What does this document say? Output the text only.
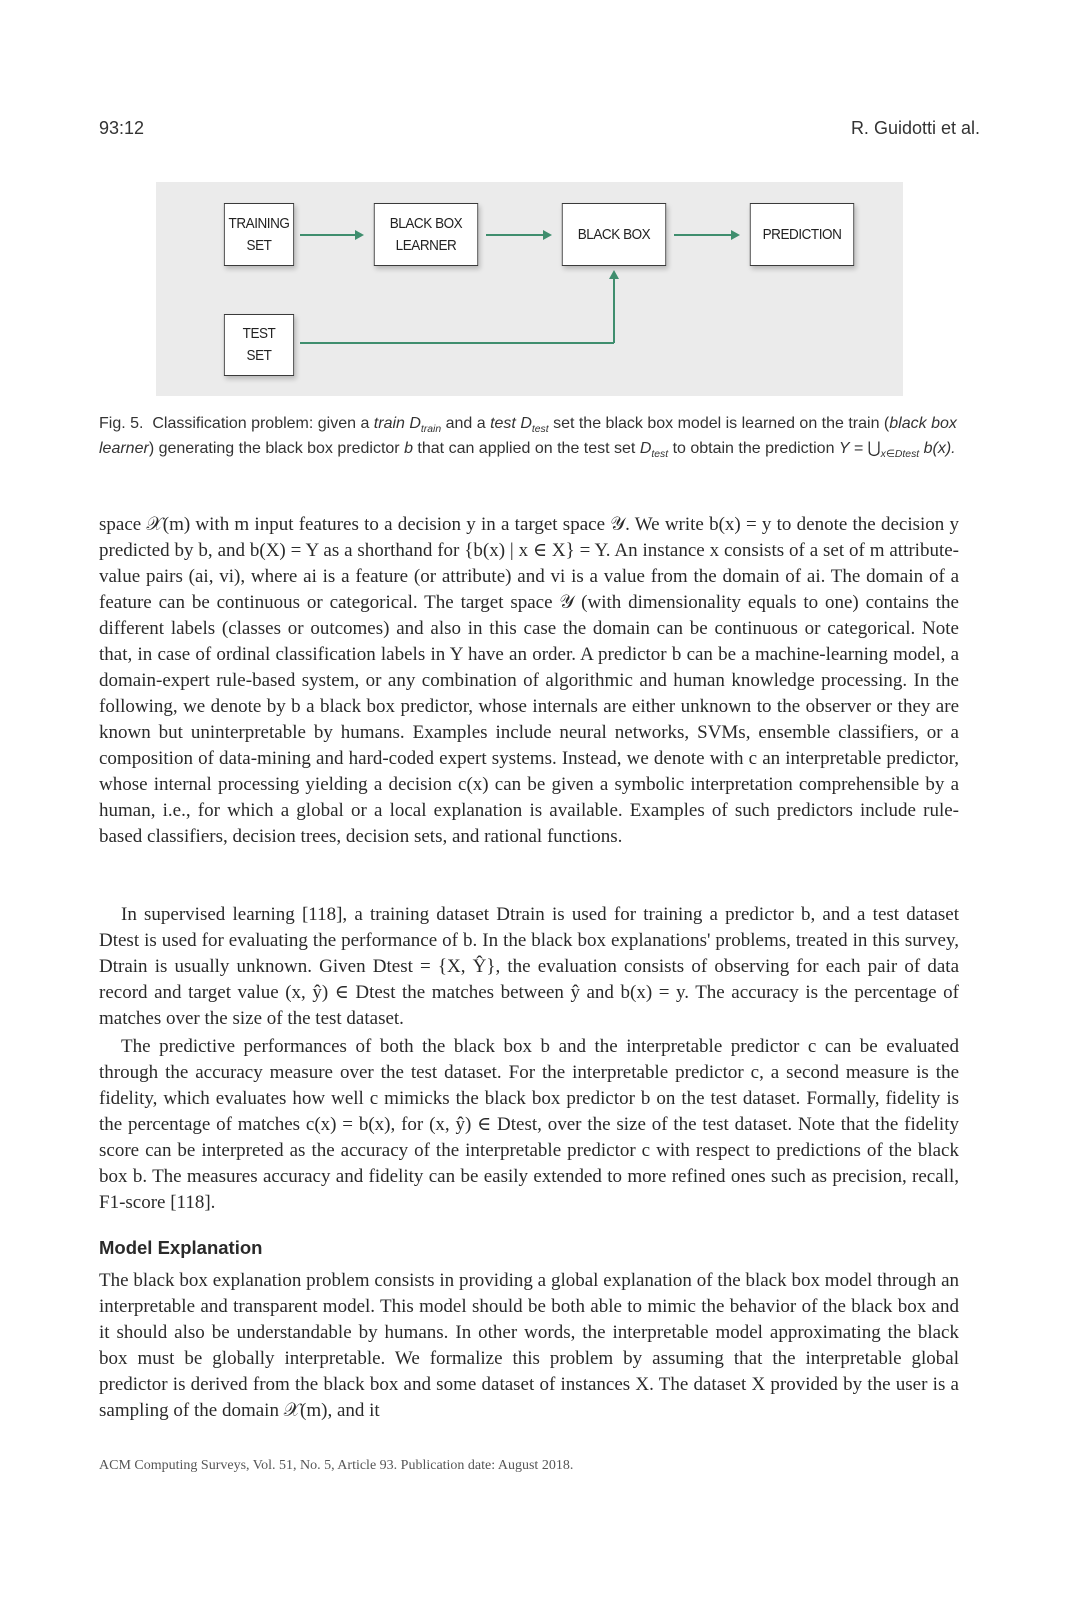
93:12	R. Guidotti et al.
TRAINING
SET
BLACK BOX
LEARNER
BLACK BOX	PREDICTION
TEST
SET
Fig. 5. Classification problem: given a train $D_{train}$ and a test $D_{test}$ set the black box model is learned on the train (black box learner) generating the black box predictor b that can applied on the test set $D_{test}$ to obtain the prediction $Y = ⋃_{x\in Dtest}$ b(x).

space 𝒳(m) with m input features to a decision y in a target space 𝒴. We write b(x) = y to denote the decision y predicted by b, and b(X) = Y as a shorthand for {b(x) | x ∈ X} = Y. An instance x consists of a set of m attribute-value pairs (ai, vi), where ai is a feature (or attribute) and vi is a value from the domain of ai. The domain of a feature can be continuous or categorical. The target space 𝒴 (with dimensionality equals to one) contains the different labels (classes or outcomes) and also in this case the domain can be continuous or categorical. Note that, in case of ordinal classification labels in Y have an order. A predictor b can be a machine-learning model, a domain-expert rule-based system, or any combination of algorithmic and human knowledge processing. In the following, we denote by b a black box predictor, whose internals are either unknown to the observer or they are known but uninterpretable by humans. Examples include neural networks, SVMs, ensemble classifiers, or a composition of data-mining and hard-coded expert systems. Instead, we denote with c an interpretable predictor, whose internal processing yielding a decision c(x) can be given a symbolic interpretation comprehensible by a human, i.e., for which a global or a local explanation is available. Examples of such predictors include rule-based classifiers, decision trees, decision sets, and rational functions.

In supervised learning [118], a training dataset Dtrain is used for training a predictor b, and a test dataset Dtest is used for evaluating the performance of b. In the black box explanations' problems, treated in this survey, Dtrain is usually unknown. Given Dtest = {X, Ŷ}, the evaluation consists of observing for each pair of data record and target value (x, ŷ) ∈ Dtest the matches between ŷ and b(x) = y. The accuracy is the percentage of matches over the size of the test dataset.

The predictive performances of both the black box b and the interpretable predictor c can be evaluated through the accuracy measure over the test dataset. For the interpretable predictor c, a second measure is the fidelity, which evaluates how well c mimicks the black box predictor b on the test dataset. Formally, fidelity is the percentage of matches c(x) = b(x), for (x, ŷ) ∈ Dtest, over the size of the test dataset. Note that the fidelity score can be interpreted as the accuracy of the interpretable predictor c with respect to predictions of the black box b. The measures accuracy and fidelity can be easily extended to more refined ones such as precision, recall, F1-score [118].

Model Explanation

The black box explanation problem consists in providing a global explanation of the black box model through an interpretable and transparent model. This model should be both able to mimic the behavior of the black box and it should also be understandable by humans. In other words, the interpretable model approximating the black box must be globally interpretable. We formalize this problem by assuming that the interpretable global predictor is derived from the black box and some dataset of instances X. The dataset X provided by the user is a sampling of the domain 𝒳(m), and it

ACM Computing Surveys, Vol. 51, No. 5, Article 93. Publication date: August 2018.
